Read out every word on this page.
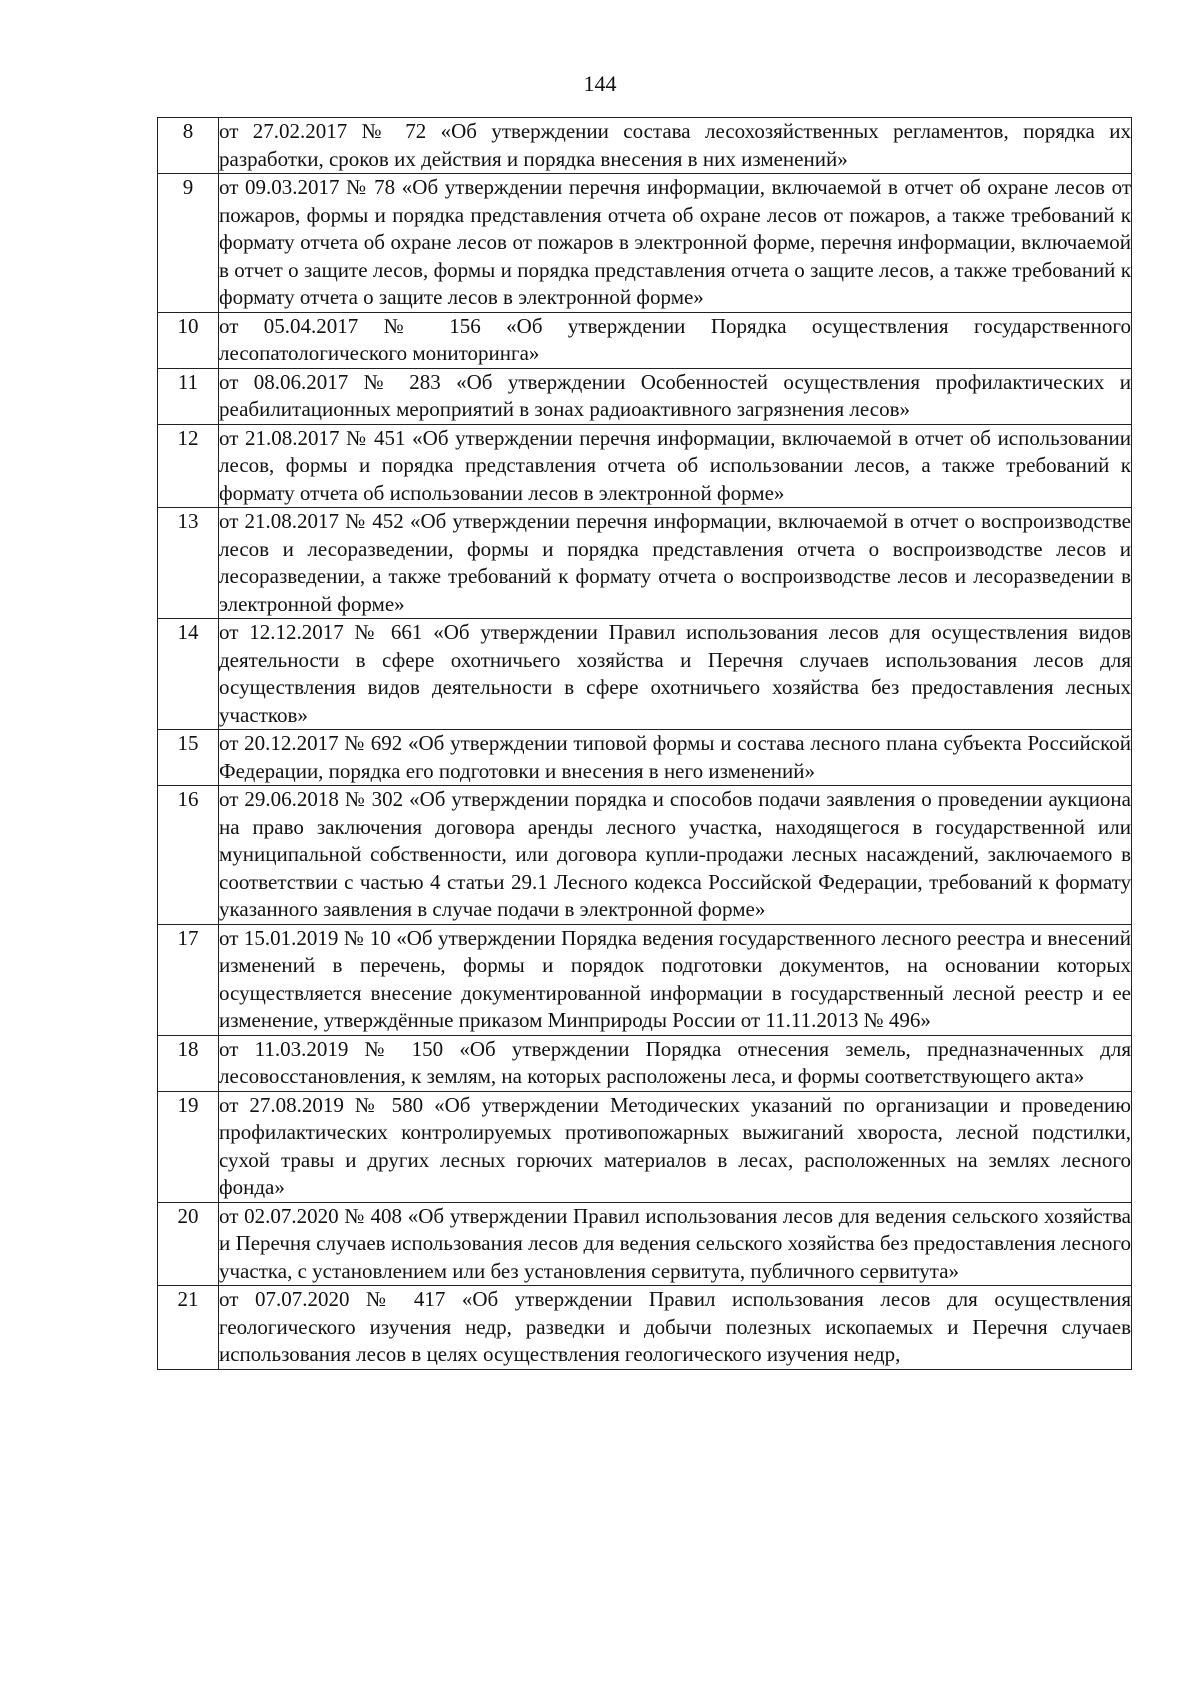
144
8	от 27.02.2017 № 72 «Об утверждении состава лесохозяйственных регламентов, порядка их разработки, сроков их действия и порядка внесения в них изменений»
9	от 09.03.2017 № 78 «Об утверждении перечня информации, включаемой в отчет об охране лесов от пожаров, формы и порядка представления отчета об охране лесов от пожаров, а также требований к формату отчета об охране лесов от пожаров в электронной форме, перечня информации, включаемой в отчет о защите лесов, формы и порядка представления отчета о защите лесов, а также требований к формату отчета о защите лесов в электронной форме»
10	от 05.04.2017 № 156 «Об утверждении Порядка осуществления государственного лесопатологического мониторинга»
11	от 08.06.2017 № 283 «Об утверждении Особенностей осуществления профилактических и реабилитационных мероприятий в зонах радиоактивного загрязнения лесов»
12	от 21.08.2017 № 451 «Об утверждении перечня информации, включаемой в отчет об использовании лесов, формы и порядка представления отчета об использовании лесов, а также требований к формату отчета об использовании лесов в электронной форме»
13	от 21.08.2017 № 452 «Об утверждении перечня информации, включаемой в отчет о воспроизводстве лесов и лесоразведении, формы и порядка представления отчета о воспроизводстве лесов и лесоразведении, а также требований к формату отчета о воспроизводстве лесов и лесоразведении в электронной форме»
14	от 12.12.2017 № 661 «Об утверждении Правил использования лесов для осуществления видов деятельности в сфере охотничьего хозяйства и Перечня случаев использования лесов для осуществления видов деятельности в сфере охотничьего хозяйства без предоставления лесных участков»
15	от 20.12.2017 № 692 «Об утверждении типовой формы и состава лесного плана субъекта Российской Федерации, порядка его подготовки и внесения в него изменений»
16	от 29.06.2018 № 302 «Об утверждении порядка и способов подачи заявления о проведении аукциона на право заключения договора аренды лесного участка, находящегося в государственной или муниципальной собственности, или договора купли-продажи лесных насаждений, заключаемого в соответствии с частью 4 статьи 29.1 Лесного кодекса Российской Федерации, требований к формату указанного заявления в случае подачи в электронной форме»
17	от 15.01.2019 № 10 «Об утверждении Порядка ведения государственного лесного реестра и внесений изменений в перечень, формы и порядок подготовки документов, на основании которых осуществляется внесение документированной информации в государственный лесной реестр и ее изменение, утверждённые приказом Минприроды России от 11.11.2013 № 496»
18	от 11.03.2019 № 150 «Об утверждении Порядка отнесения земель, предназначенных для лесовосстановления, к землям, на которых расположены леса, и формы соответствующего акта»
19	от 27.08.2019 № 580 «Об утверждении Методических указаний по организации и проведению профилактических контролируемых противопожарных выжиганий хвороста, лесной подстилки, сухой травы и других лесных горючих материалов в лесах, расположенных на землях лесного фонда»
20	от 02.07.2020 № 408 «Об утверждении Правил использования лесов для ведения сельского хозяйства и Перечня случаев использования лесов для ведения сельского хозяйства без предоставления лесного участка, с установлением или без установления сервитута, публичного сервитута»
21	от 07.07.2020 № 417 «Об утверждении Правил использования лесов для осуществления геологического изучения недр, разведки и добычи полезных ископаемых и Перечня случаев использования лесов в целях осуществления геологического изучения недр,
